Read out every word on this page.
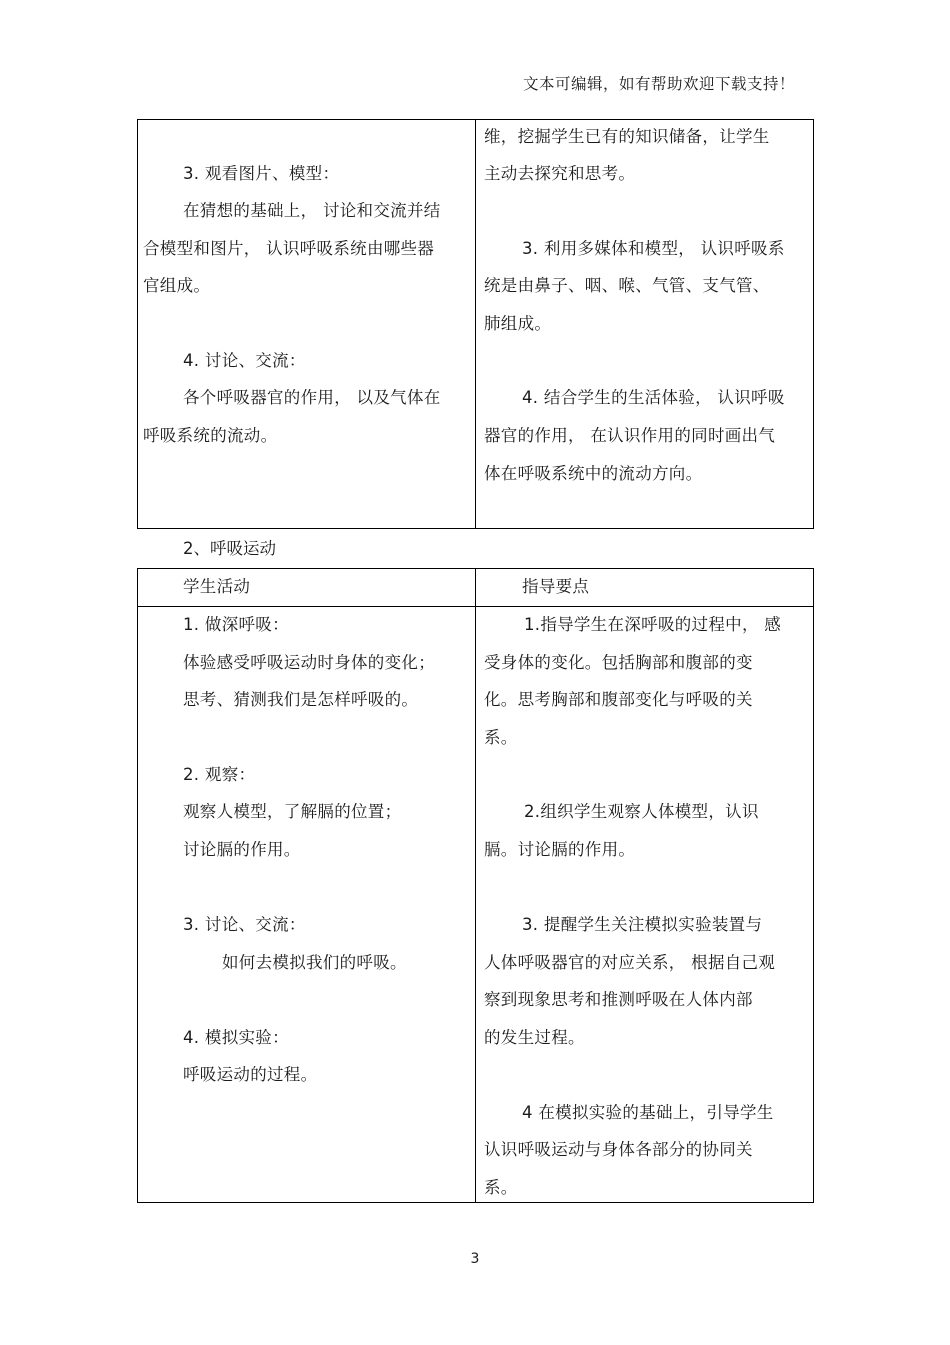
文本可编辑，如有帮助欢迎下载支持！
3. 观看图片、模型：
在猜想的基础上， 讨论和交流并结
合模型和图片， 认识呼吸系统由哪些器
官组成。
4. 讨论、交流：
各个呼吸器官的作用， 以及气体在
呼吸系统的流动。
维，挖掘学生已有的知识储备，让学生
主动去探究和思考。
3. 利用多媒体和模型， 认识呼吸系
统是由鼻子、咽、喉、气管、支气管、
肺组成。
4. 结合学生的生活体验， 认识呼吸
器官的作用， 在认识作用的同时画出气
体在呼吸系统中的流动方向。
2、呼吸运动
学生活动	指导要点
1. 做深呼吸：
体验感受呼吸运动时身体的变化；
思考、猜测我们是怎样呼吸的。
2. 观察：
观察人模型，了解膈的位置；
讨论膈的作用。
3. 讨论、交流：
如何去模拟我们的呼吸。
4. 模拟实验：
呼吸运动的过程。
1.指导学生在深呼吸的过程中， 感
受身体的变化。包括胸部和腹部的变
化。思考胸部和腹部变化与呼吸的关
系。
2.组织学生观察人体模型，认识
膈。讨论膈的作用。
3. 提醒学生关注模拟实验装置与
人体呼吸器官的对应关系， 根据自己观
察到现象思考和推测呼吸在人体内部
的发生过程。
4 在模拟实验的基础上，引导学生
认识呼吸运动与身体各部分的协同关
系。
3
